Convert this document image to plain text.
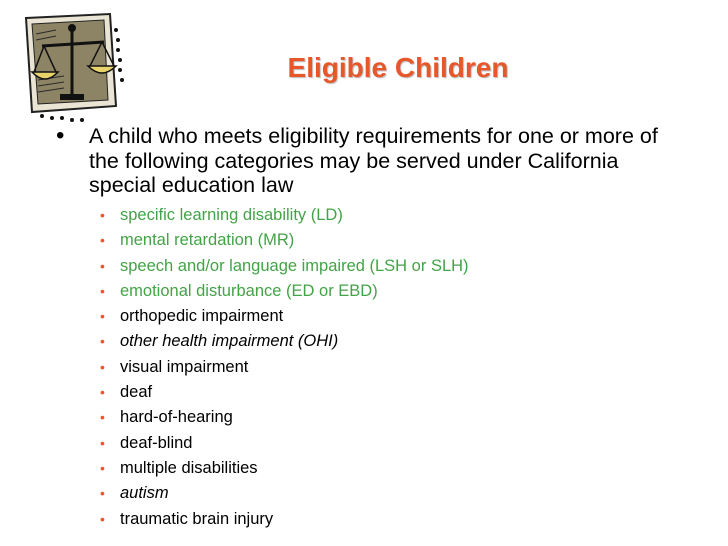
Eligible Children
• A child who meets eligibility requirements for one or more of the following categories may be served under California special education law
• specific learning disability (LD)
• mental retardation (MR)
• speech and/or language impaired (LSH or SLH)
• emotional disturbance (ED or EBD)
• orthopedic impairment
• other health impairment (OHI)
• visual impairment
• deaf
• hard-of-hearing
• deaf-blind
• multiple disabilities
• autism
• traumatic brain injury
